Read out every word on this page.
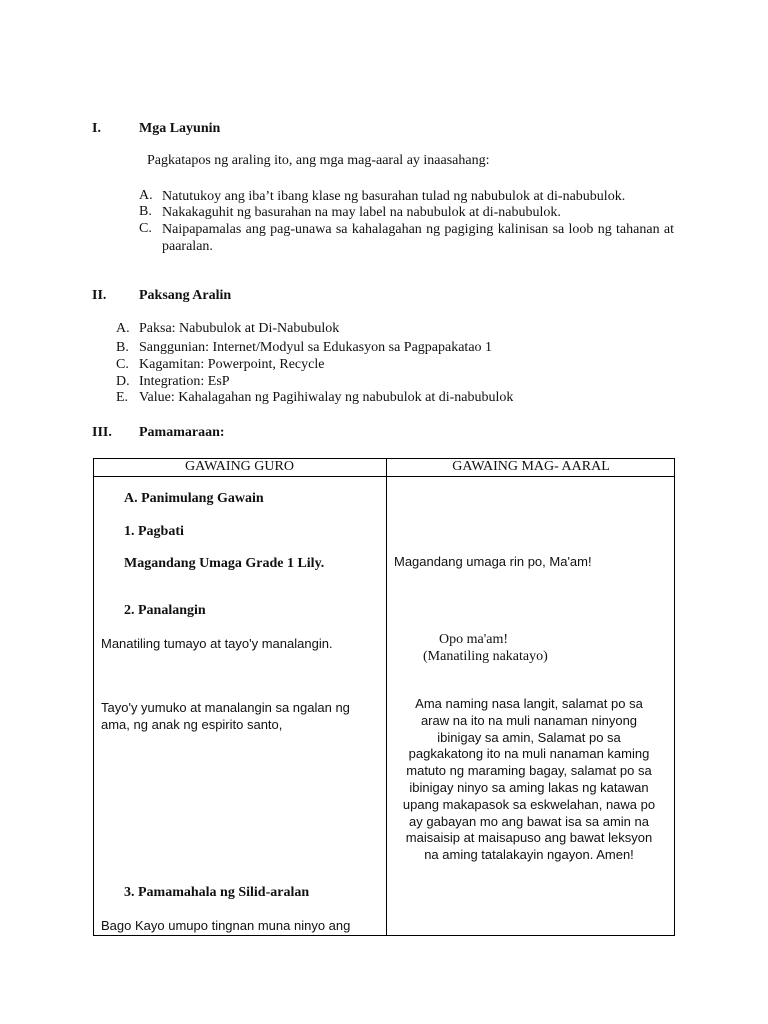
I.	Mga Layunin
Pagkatapos ng araling ito, ang mga mag-aaral ay inaasahang:
A. Natutukoy ang iba’t ibang klase ng basurahan tulad ng nabubulok at di-nabubulok.
B. Nakakaguhit ng basurahan na may label na nabubulok at di-nabubulok.
C. Naipapamalas ang pag-unawa sa kahalagahan ng pagiging kalinisan sa loob ng tahanan at paaralan.
II. Paksang Aralin
A. Paksa: Nabubulok at Di-Nabubulok
B. Sanggunian: Internet/Modyul sa Edukasyon sa Pagpapakatao 1
C. Kagamitan: Powerpoint, Recycle
D. Integration: EsP
E. Value: Kahalagahan ng Pagihiwalay ng nabubulok at di-nabubulok
III. Pamamaraan:
GAWAING GURO	GAWAING MAG- AARAL
A. Panimulang Gawain
1. Pagbati
Magandang Umaga Grade 1 Lily.
2. Panalangin
Manatiling tumayo at tayo'y manalangin.
Tayo'y yumuko at manalangin sa ngalan ng
ama, ng anak ng espirito santo,
3. Pamamahala ng Silid-aralan
Bago Kayo umupo tingnan muna ninyo ang
Magandang umaga rin po, Ma'am!
Opo ma'am!
(Manatiling nakatayo)
Ama naming nasa langit, salamat po sa
araw na ito na muli nanaman ninyong
ibinigay sa amin, Salamat po sa
pagkakatong ito na muli nanaman kaming
matuto ng maraming bagay, salamat po sa
ibinigay ninyo sa aming lakas ng katawan
upang makapasok sa eskwelahan, nawa po
ay gabayan mo ang bawat isa sa amin na
maisaisip at maisapuso ang bawat leksyon
na aming tatalakayin ngayon. Amen!
